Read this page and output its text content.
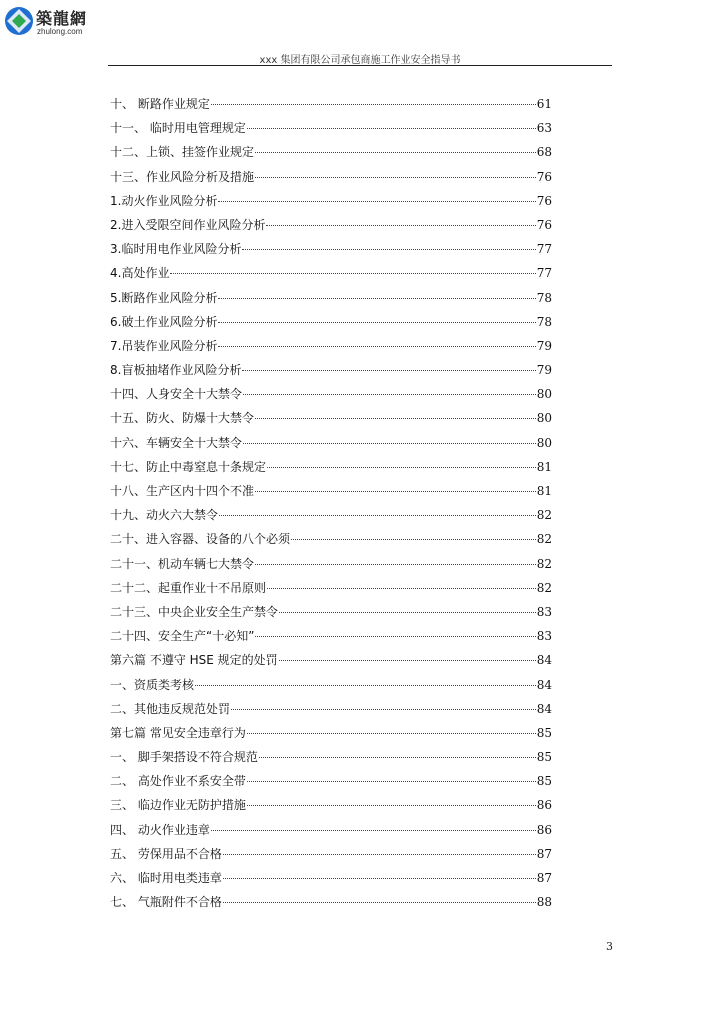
築龍網
zhulong.com
xxx 集团有限公司承包商施工作业安全指导书
十、 断路作业规定	61
十一、 临时用电管理规定	63
十二、上锁、挂签作业规定	68
十三、作业风险分析及措施	76
1.动火作业风险分析	76
2.进入受限空间作业风险分析	76
3.临时用电作业风险分析	77
4.高处作业	77
5.断路作业风险分析	78
6.破土作业风险分析	78
7.吊装作业风险分析	79
8.盲板抽堵作业风险分析	79
十四、人身安全十大禁令	80
十五、防火、防爆十大禁令	80
十六、车辆安全十大禁令	80
十七、防止中毒窒息十条规定	81
十八、生产区内十四个不准	81
十九、动火六大禁令	82
二十、进入容器、设备的八个必须	82
二十一、机动车辆七大禁令	82
二十二、起重作业十不吊原则	82
二十三、中央企业安全生产禁令	83
二十四、安全生产“十必知”	83
第六篇 不遵守 HSE 规定的处罚	84
一、资质类考核	84
二、其他违反规范处罚	84
第七篇 常见安全违章行为	85
一、 脚手架搭设不符合规范	85
二、 高处作业不系安全带	85
三、 临边作业无防护措施	86
四、 动火作业违章	86
五、 劳保用品不合格	87
六、 临时用电类违章	87
七、 气瓶附件不合格	88
3
